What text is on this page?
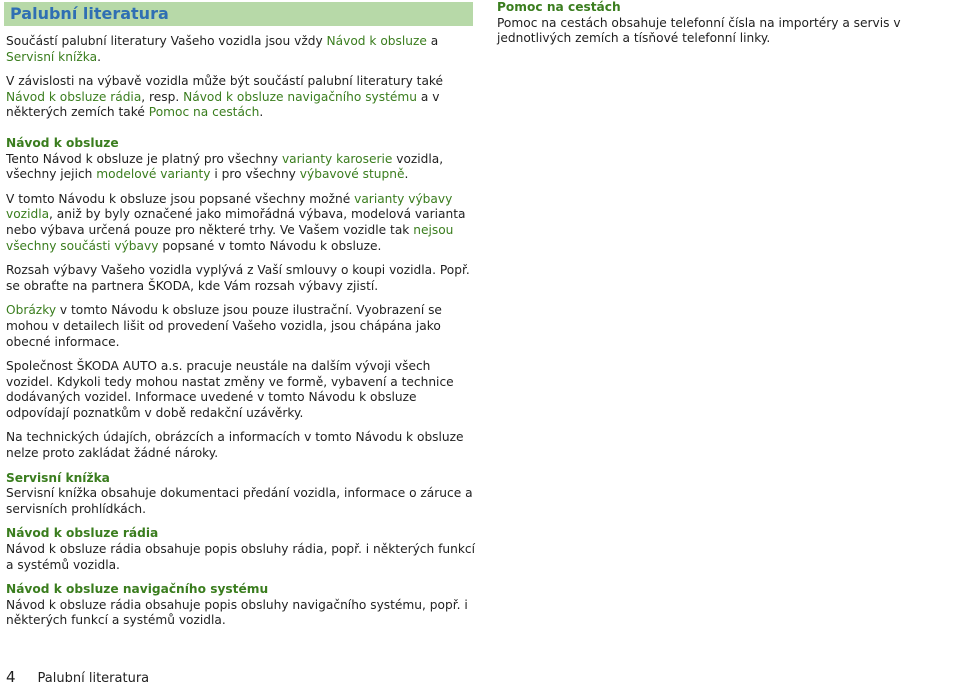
Palubní literatura

Součástí palubní literatury Vašeho vozidla jsou vždy Návod k obsluze a Servisní knížka.

V závislosti na výbavě vozidla může být součástí palubní literatury také Návod k obsluze rádia, resp. Návod k obsluze navigačního systému a v některých zemích také Pomoc na cestách.

Návod k obsluze
Tento Návod k obsluze je platný pro všechny varianty karoserie vozidla, všechny jejich modelové varianty i pro všechny výbavové stupně.

V tomto Návodu k obsluze jsou popsané všechny možné varianty výbavy vozidla, aniž by byly označené jako mimořádná výbava, modelová varianta nebo výbava určená pouze pro některé trhy. Ve Vašem vozidle tak nejsou všechny součásti výbavy popsané v tomto Návodu k obsluze.

Rozsah výbavy Vašeho vozidla vyplývá z Vaší smlouvy o koupi vozidla. Popř. se obraťte na partnera ŠKODA, kde Vám rozsah výbavy zjistí.

Obrázky v tomto Návodu k obsluze jsou pouze ilustrační. Vyobrazení se mohou v detailech lišit od provedení Vašeho vozidla, jsou chápána jako obecné informace.

Společnost ŠKODA AUTO a.s. pracuje neustále na dalším vývoji všech vozidel. Kdykoli tedy mohou nastat změny ve formě, vybavení a technice dodávaných vozidel. Informace uvedené v tomto Návodu k obsluze odpovídají poznatkům v době redakční uzávěrky.

Na technických údajích, obrázcích a informacích v tomto Návodu k obsluze nelze proto zakládat žádné nároky.

Servisní knížka
Servisní knížka obsahuje dokumentaci předání vozidla, informace o záruce a servisních prohlídkách.

Návod k obsluze rádia
Návod k obsluze rádia obsahuje popis obsluhy rádia, popř. i některých funkcí a systémů vozidla.

Návod k obsluze navigačního systému
Návod k obsluze rádia obsahuje popis obsluhy navigačního systému, popř. i některých funkcí a systémů vozidla.

Pomoc na cestách
Pomoc na cestách obsahuje telefonní čísla na importéry a servis v jednotlivých zemích a tísňové telefonní linky.
4 Palubní literatura
